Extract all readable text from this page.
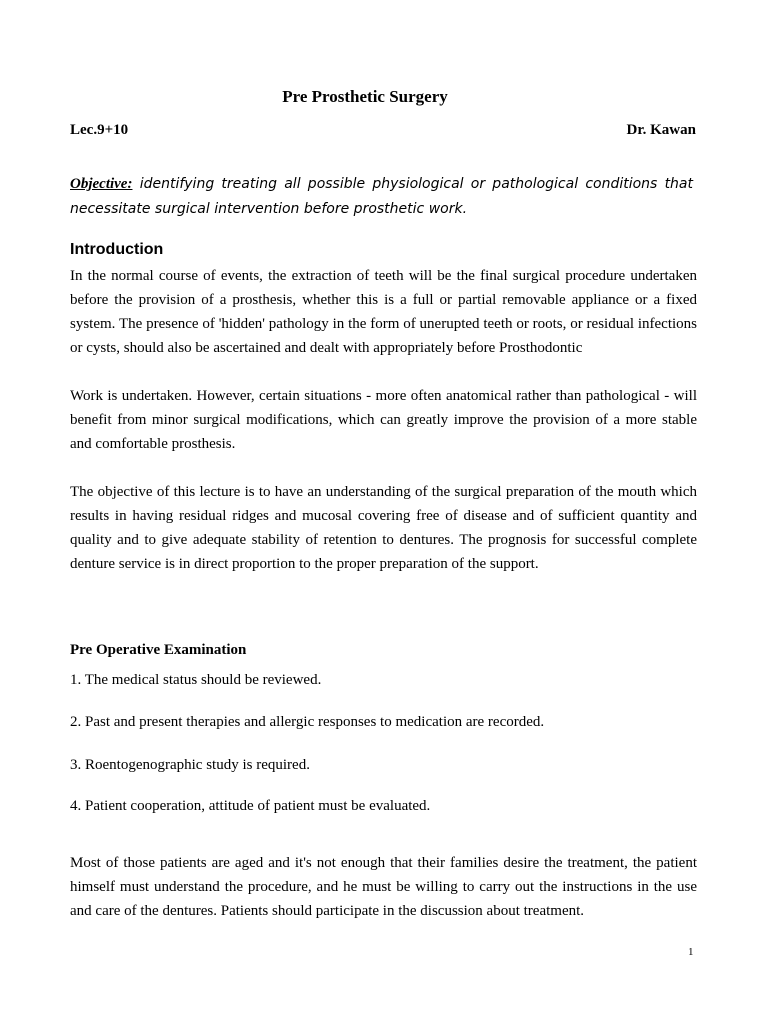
Pre Prosthetic Surgery
Lec.9+10	Dr. Kawan

Objective: identifying treating all possible physiological or pathological conditions that necessitate surgical intervention before prosthetic work.

Introduction

In the normal course of events, the extraction of teeth will be the final surgical procedure undertaken before the provision of a prosthesis, whether this is a full or partial removable appliance or a fixed system. The presence of 'hidden' pathology in the form of unerupted teeth or roots, or residual infections or cysts, should also be ascertained and dealt with appropriately before Prosthodontic

Work is undertaken. However, certain situations - more often anatomical rather than pathological - will benefit from minor surgical modifications, which can greatly improve the provision of a more stable and comfortable prosthesis.

The objective of this lecture is to have an understanding of the surgical preparation of the mouth which results in having residual ridges and mucosal covering free of disease and of sufficient quantity and quality and to give adequate stability of retention to dentures. The prognosis for successful complete denture service is in direct proportion to the proper preparation of the support.

Pre Operative Examination
1. The medical status should be reviewed.
2. Past and present therapies and allergic responses to medication are recorded.
3. Roentogenographic study is required.
4. Patient cooperation, attitude of patient must be evaluated.

Most of those patients are aged and it's not enough that their families desire the treatment, the patient himself must understand the procedure, and he must be willing to carry out the instructions in the use and care of the dentures. Patients should participate in the discussion about treatment.

1
